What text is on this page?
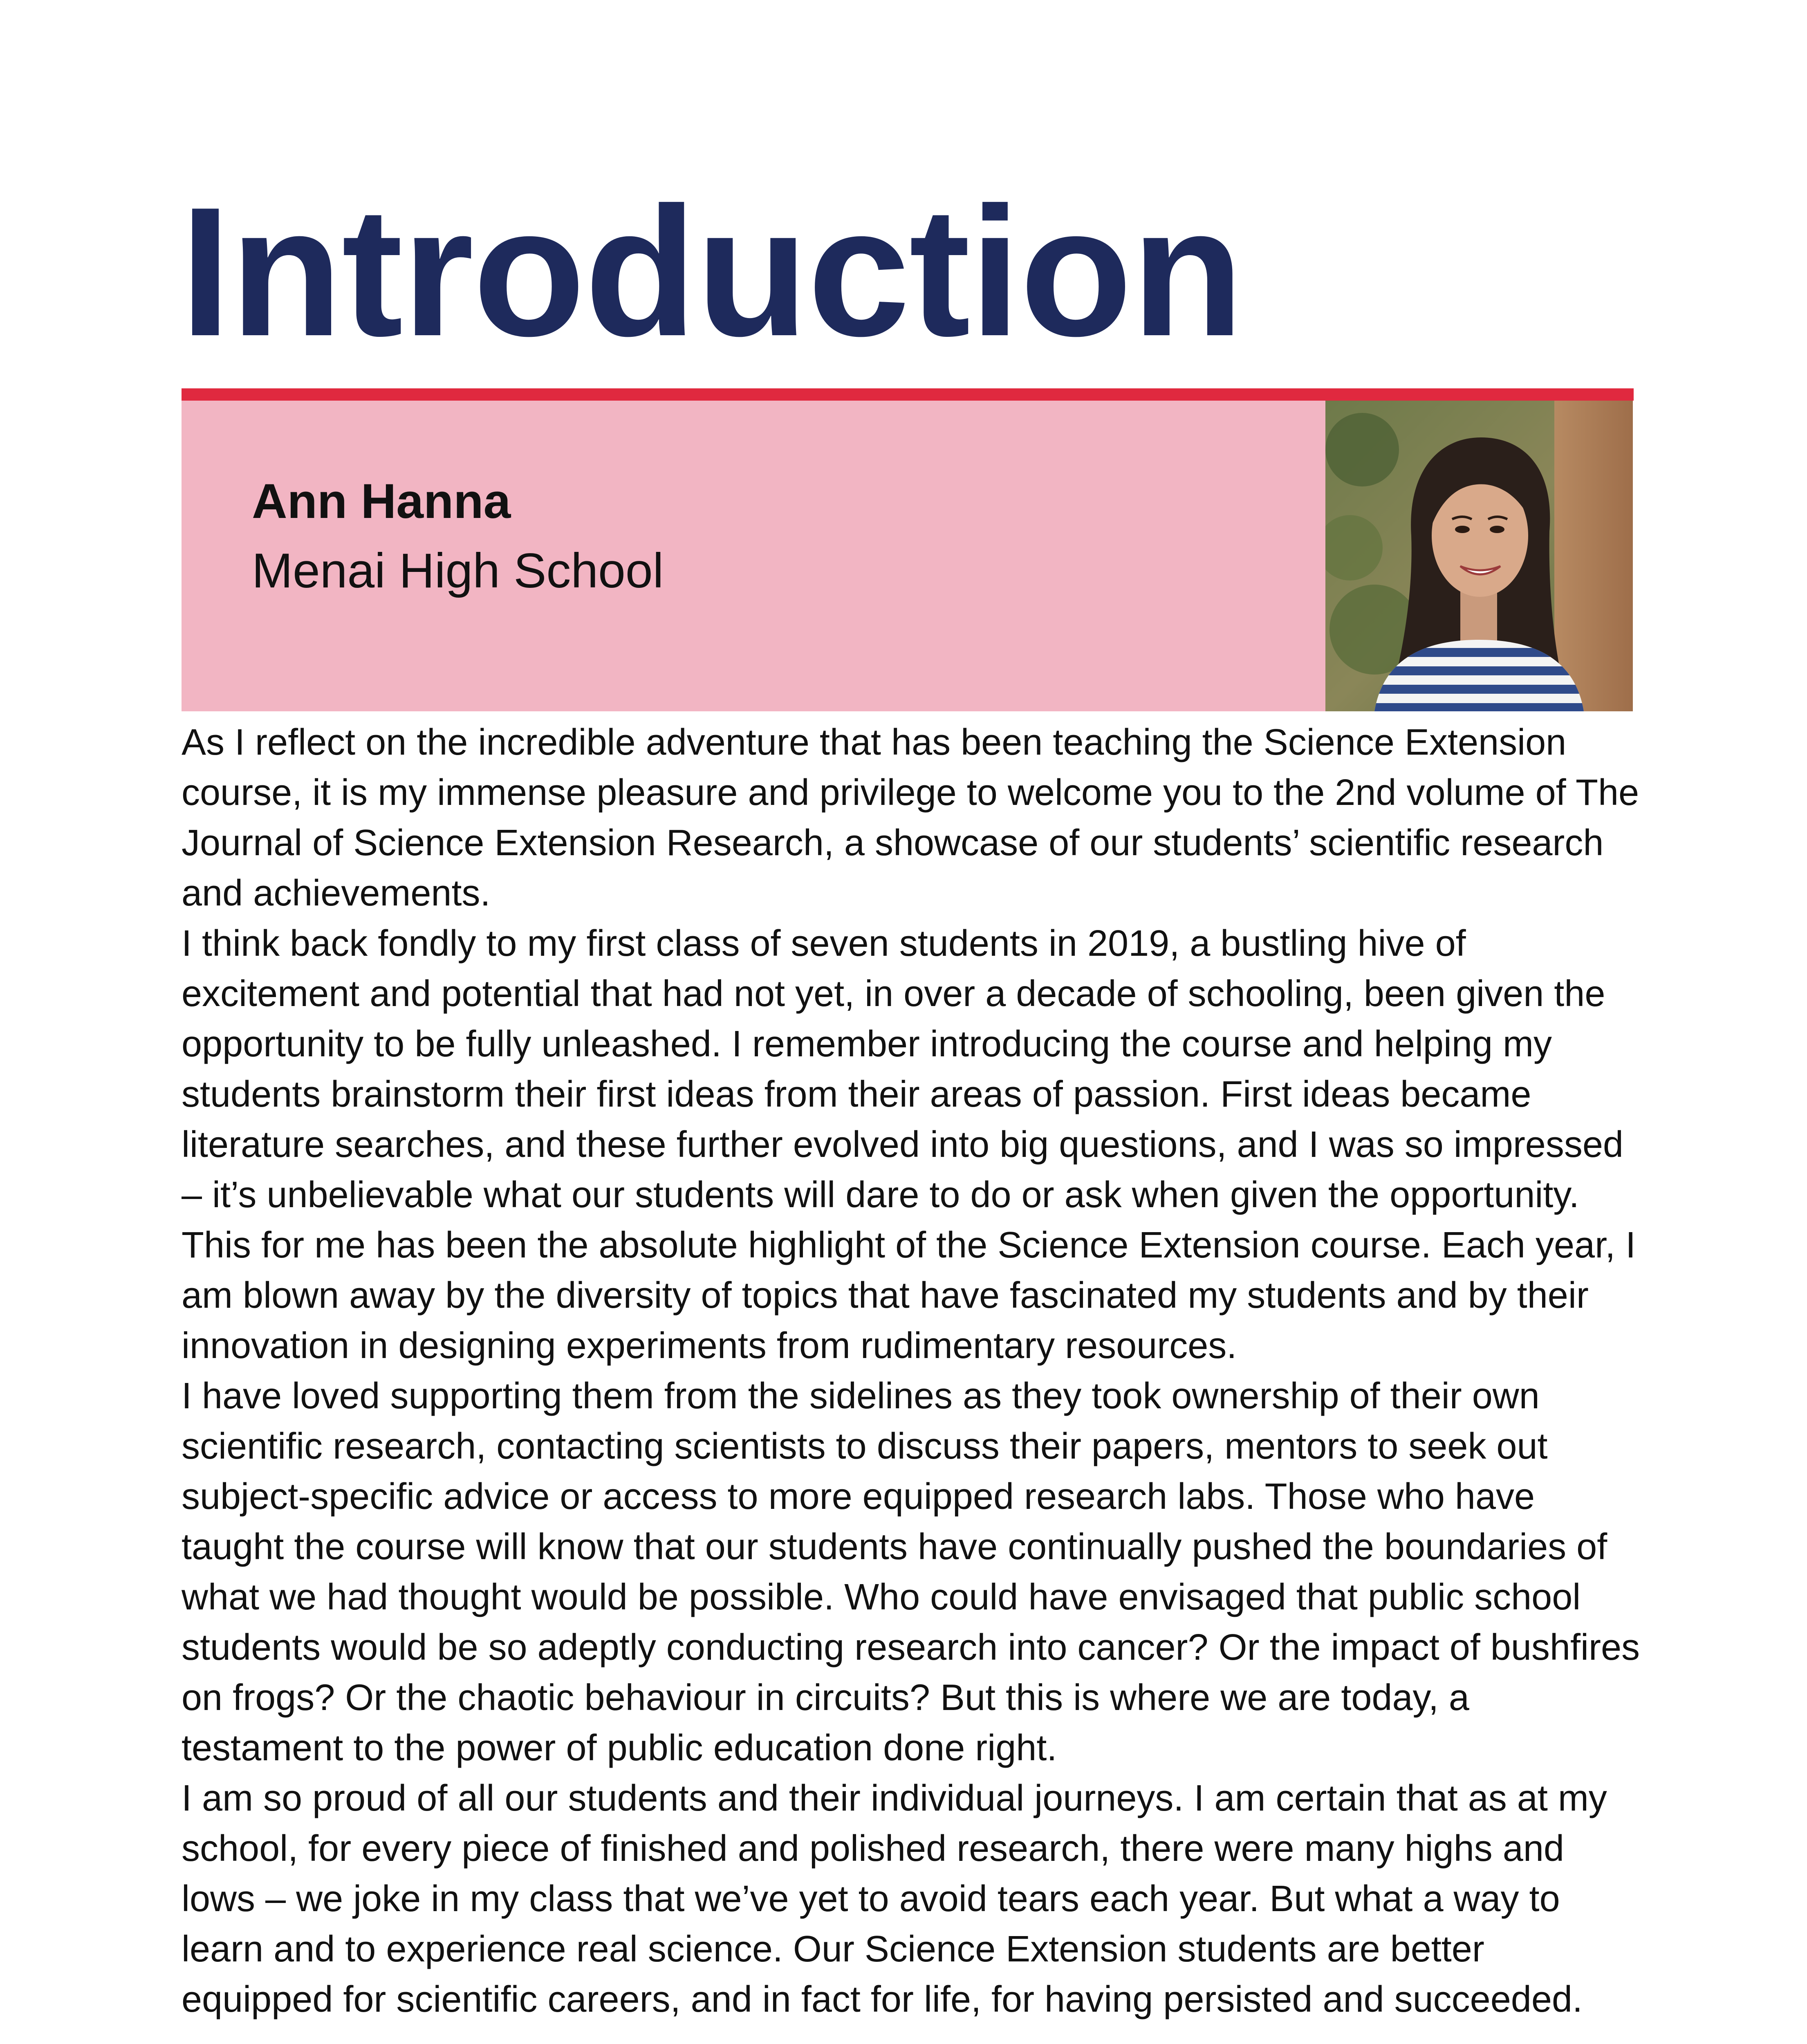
Introduction
Ann Hanna
Menai High School

As I reflect on the incredible adventure that has been teaching the Science Extension course, it is my immense pleasure and privilege to welcome you to the 2nd volume of The Journal of Science Extension Research, a showcase of our students’ scientific research and achievements.

I think back fondly to my first class of seven students in 2019, a bustling hive of excitement and potential that had not yet, in over a decade of schooling, been given the opportunity to be fully unleashed. I remember introducing the course and helping my students brainstorm their first ideas from their areas of passion. First ideas became literature searches, and these further evolved into big questions, and I was so impressed – it’s unbelievable what our students will dare to do or ask when given the opportunity. This for me has been the absolute highlight of the Science Extension course. Each year, I am blown away by the diversity of topics that have fascinated my students and by their innovation in designing experiments from rudimentary resources.

I have loved supporting them from the sidelines as they took ownership of their own scientific research, contacting scientists to discuss their papers, mentors to seek out subject-specific advice or access to more equipped research labs. Those who have taught the course will know that our students have continually pushed the boundaries of what we had thought would be possible. Who could have envisaged that public school students would be so adeptly conducting research into cancer? Or the impact of bushfires on frogs? Or the chaotic behaviour in circuits? But this is where we are today, a testament to the power of public education done right.

I am so proud of all our students and their individual journeys. I am certain that as at my school, for every piece of finished and polished research, there were many highs and lows – we joke in my class that we’ve yet to avoid tears each year. But what a way to learn and to experience real science. Our Science Extension students are better equipped for scientific careers, and in fact for life, for having persisted and succeeded.
